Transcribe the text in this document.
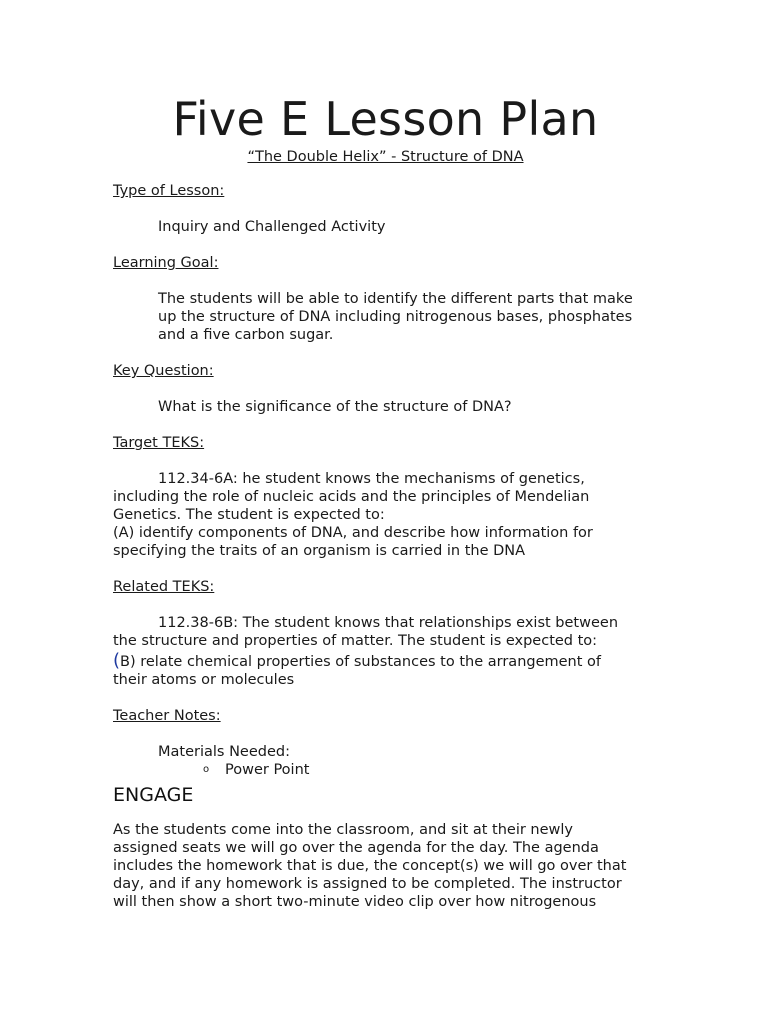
Five E Lesson Plan

“The Double Helix” - Structure of DNA

Type of Lesson:

Inquiry and Challenged Activity

Learning Goal:

The students will be able to identify the different parts that make

up the structure of DNA including nitrogenous bases, phosphates

and a five carbon sugar.

Key Question:

What is the significance of the structure of DNA?

Target TEKS:

112.34-6A: he student knows the mechanisms of genetics,

including the role of nucleic acids and the principles of Mendelian

Genetics. The student is expected to:

(A) identify components of DNA, and describe how information for

specifying the traits of an organism is carried in the DNA

Related TEKS:

112.38-6B: The student knows that relationships exist between

the structure and properties of matter. The student is expected to:

(B) relate chemical properties of substances to the arrangement of

their atoms or molecules

Teacher Notes:

Materials Needed:

o	Power Point
ENGAGE

As the students come into the classroom, and sit at their newly

assigned seats we will go over the agenda for the day. The agenda

includes the homework that is due, the concept(s) we will go over that

day, and if any homework is assigned to be completed. The instructor

will then show a short two-minute video clip over how nitrogenous
